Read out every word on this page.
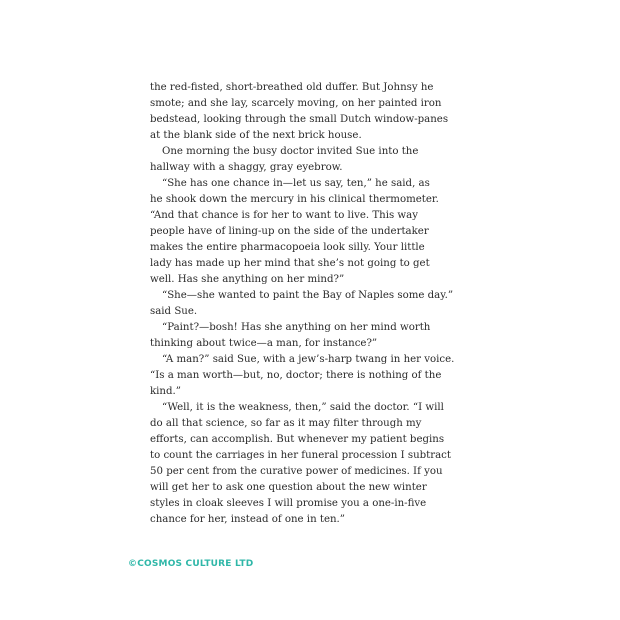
the red-fisted, short-breathed old duffer. But Johnsy he
smote; and she lay, scarcely moving, on her painted iron
bedstead, looking through the small Dutch window-panes
at the blank side of the next brick house.
One morning the busy doctor invited Sue into the
hallway with a shaggy, gray eyebrow.
“She has one chance in—let us say, ten,” he said, as
he shook down the mercury in his clinical thermometer.
“And that chance is for her to want to live. This way
people have of lining-up on the side of the undertaker
makes the entire pharmacopoeia look silly. Your little
lady has made up her mind that she’s not going to get
well. Has she anything on her mind?”
“She—she wanted to paint the Bay of Naples some day.”
said Sue.
“Paint?—bosh! Has she anything on her mind worth
thinking about twice—a man, for instance?”
“A man?” said Sue, with a jew’s-harp twang in her voice.
“Is a man worth—but, no, doctor; there is nothing of the
kind.”
“Well, it is the weakness, then,” said the doctor. “I will
do all that science, so far as it may filter through my
efforts, can accomplish. But whenever my patient begins
to count the carriages in her funeral procession I subtract
50 per cent from the curative power of medicines. If you
will get her to ask one question about the new winter
styles in cloak sleeves I will promise you a one-in-five
chance for her, instead of one in ten.”
©COSMOS CULTURE LTD
